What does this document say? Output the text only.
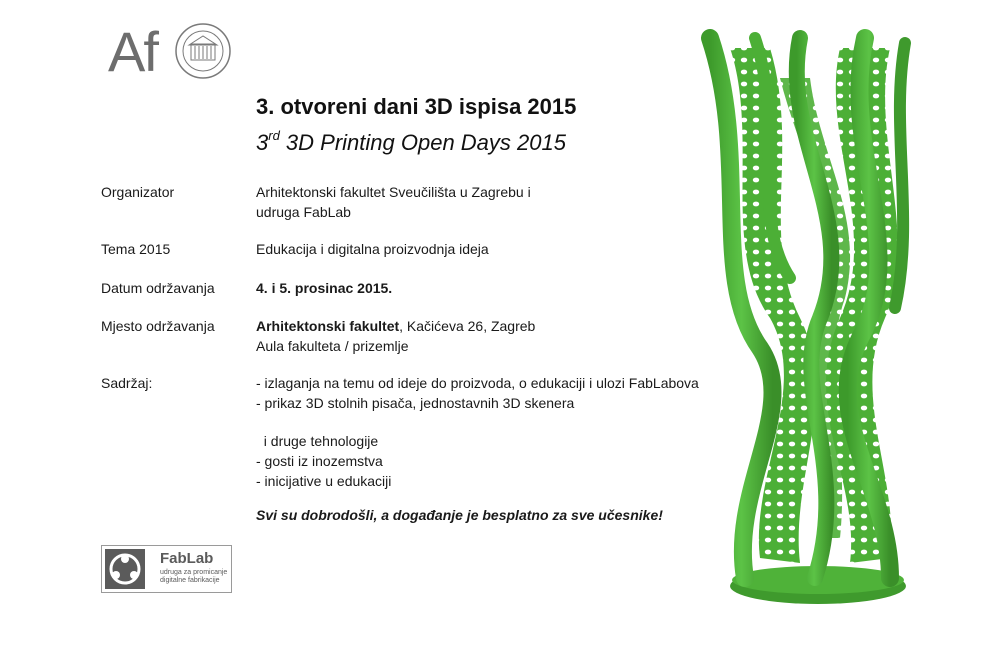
Af
3. otvoreni dani 3D ispisa 2015
3rd 3D Printing Open Days 2015
Organizator	Arhitektonski fakultet Sveučilišta u Zagrebu i
udruga FabLab
Tema 2015	Edukacija i digitalna proizvodnja ideja
Datum održavanja	4. i 5. prosinac 2015.
Mjesto održavanja	Arhitektonski fakultet, Kačićeva 26, Zagreb
Aula fakulteta / prizemlje
Sadržaj:	- izlaganja na temu od ideje do proizvoda, o edukaciji i ulozi FabLabova
- prikaz 3D stolnih pisača, jednostavnih 3D skenera
i druge tehnologije
- gosti iz inozemstva
- inicijative u edukaciji
Svi su dobrodošli, a događanje je besplatno za sve učesnike!
FabLab
udruga za promicanje
digitalne fabrikacije
